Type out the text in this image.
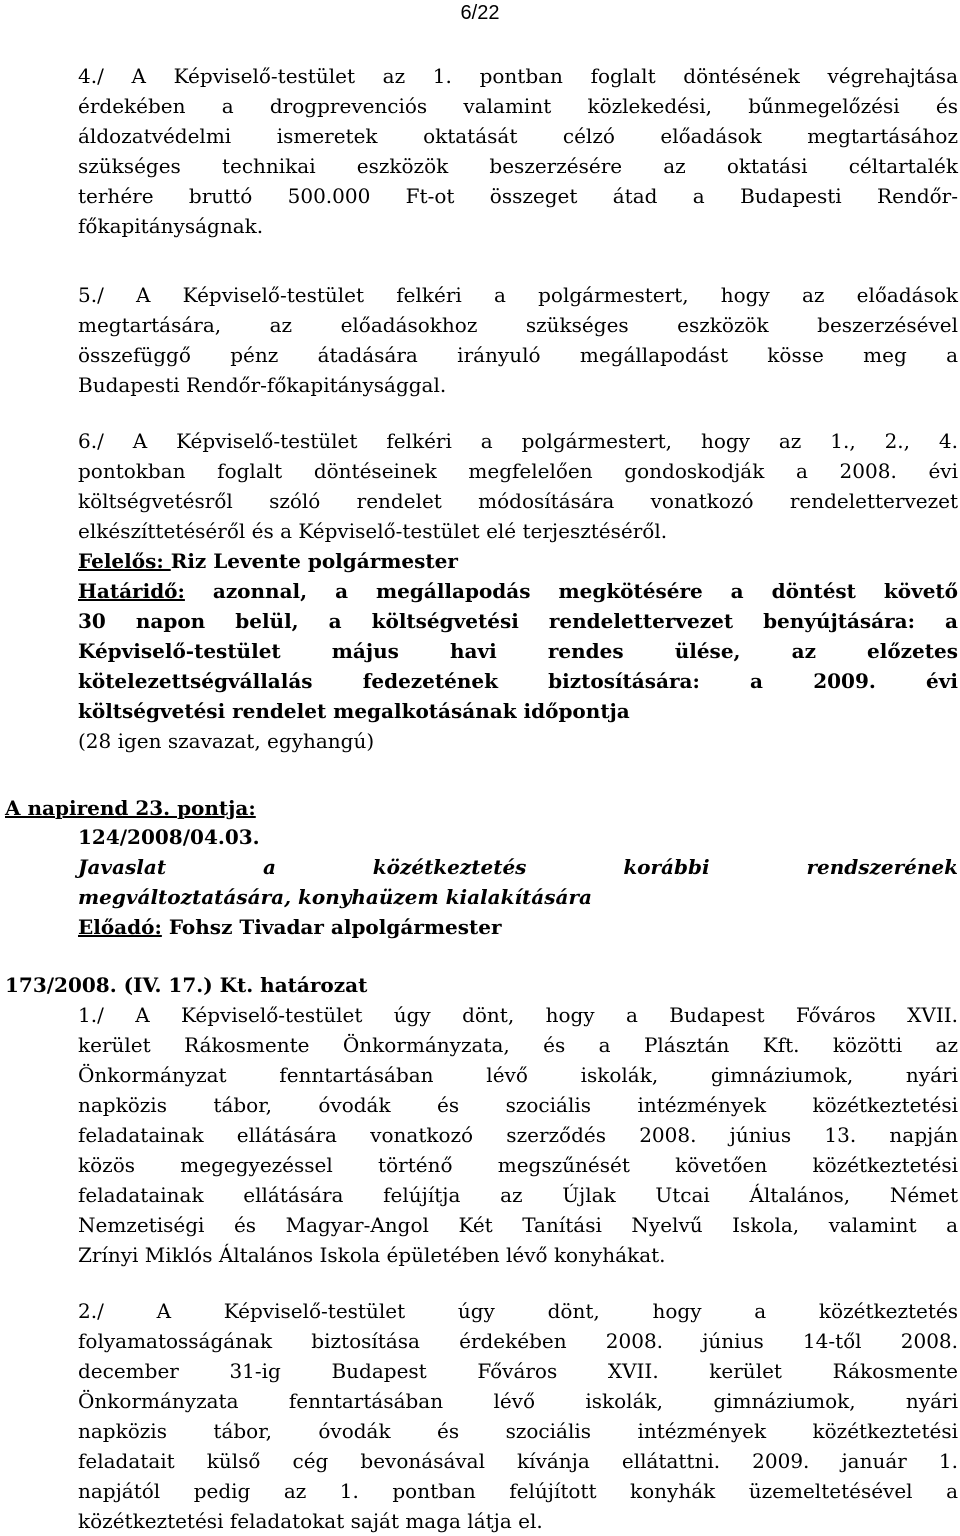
6/22
4./ A Képviselő-testület az 1. pontban foglalt döntésének végrehajtása
érdekében a drogprevenciós valamint közlekedési, bűnmegelőzési és
áldozatvédelmi ismeretek oktatását célzó előadások megtartásához
szükséges technikai eszközök beszerzésére az oktatási céltartalék
terhére bruttó 500.000 Ft-ot összeget átad a Budapesti Rendőr-
főkapitányságnak.
5./ A Képviselő-testület felkéri a polgármestert, hogy az előadások
megtartására, az előadásokhoz szükséges eszközök beszerzésével
összefüggő pénz átadására irányuló megállapodást kösse meg a
Budapesti Rendőr-főkapitánysággal.
6./ A Képviselő-testület felkéri a polgármestert, hogy az 1., 2., 4.
pontokban foglalt döntéseinek megfelelően gondoskodják a 2008. évi
költségvetésről szóló rendelet módosítására vonatkozó rendelettervezet
elkészíttetéséről és a Képviselő-testület elé terjesztéséről.
Felelős: Riz Levente polgármester
Határidő: azonnal, a megállapodás megkötésére a döntést követő
30 napon belül, a költségvetési rendelettervezet benyújtására: a
Képviselő-testület május havi rendes ülése, az előzetes
kötelezettségvállalás fedezetének biztosítására: a 2009. évi
költségvetési rendelet megalkotásának időpontja
(28 igen szavazat, egyhangú)
A napirend 23. pontja:
124/2008/04.03.
Javaslat a közétkeztetés korábbi rendszerének
megváltoztatására, konyhaüzem kialakítására
Előadó: Fohsz Tivadar alpolgármester
173/2008. (IV. 17.) Kt. határozat
1./ A Képviselő-testület úgy dönt, hogy a Budapest Főváros XVII.
kerület Rákosmente Önkormányzata, és a Plásztán Kft. közötti az
Önkormányzat fenntartásában lévő iskolák, gimnáziumok, nyári
napközis tábor, óvodák és szociális intézmények közétkeztetési
feladatainak ellátására vonatkozó szerződés 2008. június 13. napján
közös megegyezéssel történő megszűnését követően közétkeztetési
feladatainak ellátására felújítja az Újlak Utcai Általános, Német
Nemzetiségi és Magyar-Angol Két Tanítási Nyelvű Iskola, valamint a
Zrínyi Miklós Általános Iskola épületében lévő konyhákat.
2./ A Képviselő-testület úgy dönt, hogy a közétkeztetés
folyamatosságának biztosítása érdekében 2008. június 14-től 2008.
december 31-ig Budapest Főváros XVII. kerület Rákosmente
Önkormányzata fenntartásában lévő iskolák, gimnáziumok, nyári
napközis tábor, óvodák és szociális intézmények közétkeztetési
feladatait külső cég bevonásával kívánja ellátattni. 2009. január 1.
napjától pedig az 1. pontban felújított konyhák üzemeltetésével a
közétkeztetési feladatokat saját maga látja el.
